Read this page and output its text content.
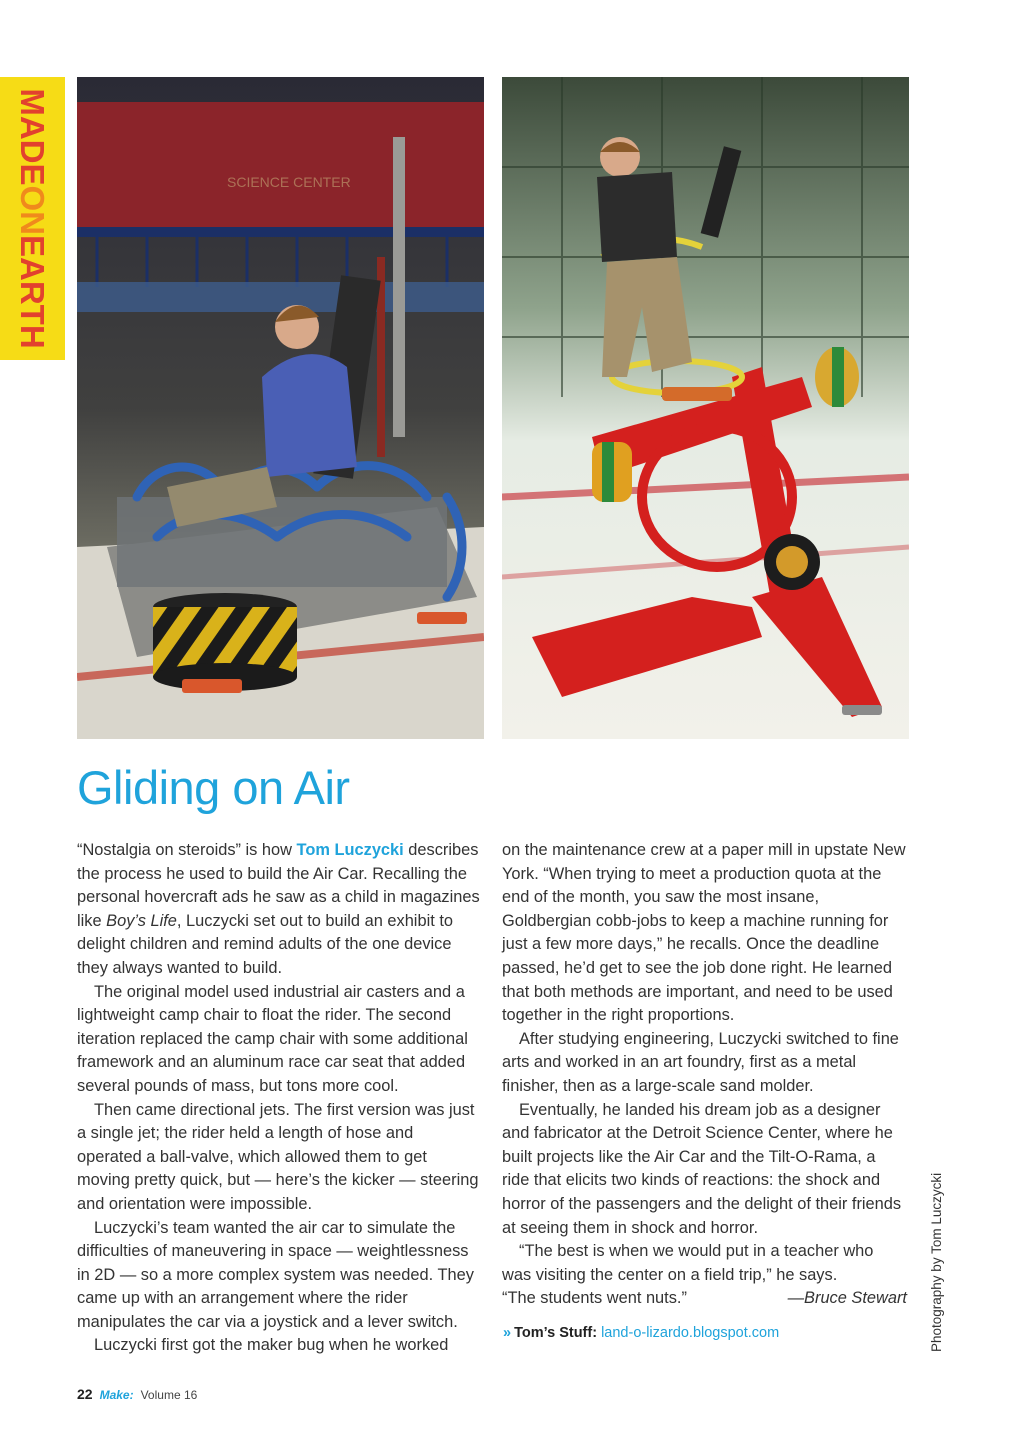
MADE
ON
EARTH
SCIENCE CENTER
Gliding on Air

“Nostalgia on steroids” is how Tom Luczycki describes the process he used to build the Air Car. Recalling the personal hovercraft ads he saw as a child in magazines like Boy’s Life, Luczycki set out to build an exhibit to delight children and remind adults of the one device they always wanted to build.

The original model used industrial air casters and a lightweight camp chair to float the rider. The second iteration replaced the camp chair with some additional framework and an aluminum race car seat that added several pounds of mass, but tons more cool.

Then came directional jets. The first version was just a single jet; the rider held a length of hose and operated a ball-valve, which allowed them to get moving pretty quick, but — here’s the kicker — steering and orientation were impossible.

Luczycki’s team wanted the air car to simulate the difficulties of maneuvering in space — weightlessness in 2D — so a more complex system was needed. They came up with an arrangement where the rider manipulates the car via a joystick and a lever switch.

Luczycki first got the maker bug when he worked

on the maintenance crew at a paper mill in upstate New York. “When trying to meet a production quota at the end of the month, you saw the most insane, Goldbergian cobb-jobs to keep a machine running for just a few more days,” he recalls. Once the deadline passed, he’d get to see the job done right. He learned that both methods are important, and need to be used together in the right proportions.

After studying engineering, Luczycki switched to fine arts and worked in an art foundry, first as a metal finisher, then as a large-scale sand molder.

Eventually, he landed his dream job as a designer and fabricator at the Detroit Science Center, where he built projects like the Air Car and the Tilt-O-Rama, a ride that elicits two kinds of reactions: the shock and horror of the passengers and the delight of their friends at seeing them in shock and horror.

“The best is when we would put in a teacher who was visiting the center on a field trip,” he says.

“The students went nuts.”	—Bruce Stewart
» Tom’s Stuff: land-o-lizardo.blogspot.com	Photography by Tom Luczycki
22 Make: Volume 16
